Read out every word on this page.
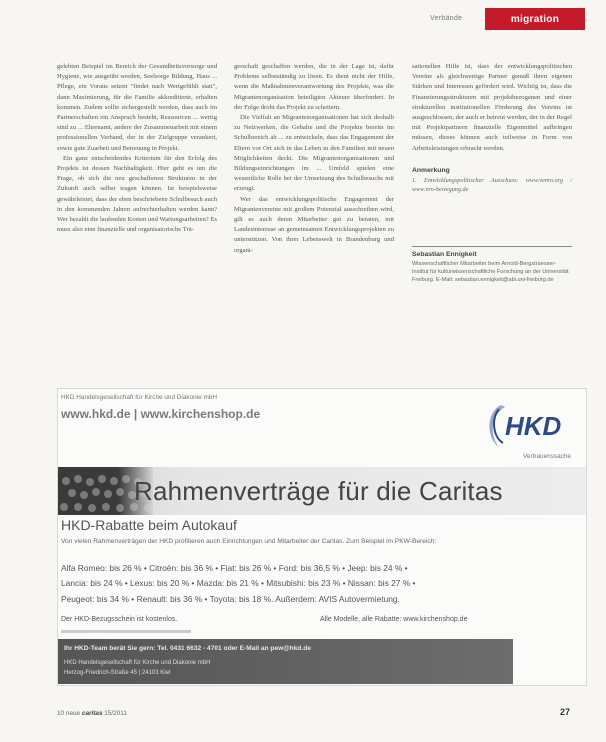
Verbände	migration

gelebten Beispiel im Bereich der Gesundheitsvorsorge und Hygiene, wie ausgeübt werden, Seelsorge Bildung, Haus ... Pflege, ein Voraus setzen "findet nach Wertgefühlt statt", dann Maximierung, für die Familie akkreditierte, erhalten kommen. Zudem sollte sichergestellt werden, dass auch im Partnerschaften ein Anspruch besteht, Ressourcen ... wertig sind zu ... Ehrenamt, andere der Zusammenarbeit mit einem professionellen Verband, der in der Zielgruppe verankert, sowie gute Zuarbeit und Betreuung in Projekt.

Ein ganz entscheidendes Kriterium für den Erfolg des Projekts ist dessen Nachhaltigkeit. Hier geht es um die Frage, ob sich die neu geschaffenen Strukturen in der Zukunft auch selbst tragen können. Ist beispielsweise gewährleistet, dass der eben beschriebene Schulbesuch auch in den kommenden Jahren aufrechterhalten werden kann? Wer bezahlt die laufenden Kosten und Wartungsarbeiten? Es muss also eine finanzielle und organisatorische Trä-

gerschaft geschaffen werden, die in der Lage ist, dafür Probleme selbstständig zu lösen. Es dient nicht der Hilfe, wenn die Maßnahmenverantwortung des Projekts, was die Migrantenorganisation beteiligten Akteure überfordert. In der Folge droht das Projekt zu scheitern.

Die Vielfalt an Migrantenorganisationen hat sich deshalb zu Netzwerken, die Gehalte und die Projekte bereits im Schulbereich ab ... zu entwickeln, dass das Engagement der Eltern vor Ort sich in das Leben in den Familien mit neuen Möglichkeiten deckt. Die Migrantenorganisationen und Bildungseinrichtungen im ... Umfeld spielen eine wesentliche Rolle bei der Umsetzung des Schulbesuchs mit erzeugt.

Wer das entwicklungspolitische Engagement der Migrantenvereine mit großem Potenzial ausschreiben wird, gilt es auch deren Mitarbeiter gut zu beraten, mit Landesinteresse an gemeinsamen Entwicklungsprojekten zu unterstützen. Von ihrer Lebenswelt in Brandenburg und organi-

sationellen Hilfe ist, dass der entwicklungspolitischen Vereine als gleichwertige Partner gemäß ihren eigenen Stärken und Interessen gefördert wird. Wichtig ist, dass die Finanzierungsstrukturen mit projektbezogenen und einer strukturellen institutionellen Förderung des Vereins ist ausgeschlossen, der auch er betreut werden, der in der Regel mit Projektpartnern finanzielle Eigenmittel aufbringen müssen, dieses können auch teilweise in Form von Arbeitsleistungen erbracht werden.

Anmerkung
1. Entwicklungspolitischer Ausschuss: www.venro.org / www.nro-bewegung.de
Sebastian Ennigkeit
Wissenschaftlicher Mitarbeiter beim Arnold-Bergstraesser-Institut für kulturwissenschaftliche Forschung an der Universität Freiburg. E-Mail: sebastian.ennigkeit@abi.uni-freiburg.de
HKD Handelsgesellschaft für Kirche und Diakonie mbH
www.hkd.de | www.kirchenshop.de	HKD
Vertrauenssache
Rahmenverträge für die Caritas
HKD-Rabatte beim Autokauf
Von vielen Rahmenverträgen der HKD profitieren auch Einrichtungen und Mitarbeiter der Caritas. Zum Beispiel im PKW-Bereich:
Alfa Romeo: bis 26 % • Citroën: bis 36 % • Fiat: bis 26 % • Ford: bis 36,5 % • Jeep: bis 24 % •
Lancia: bis 24 % • Lexus: bis 20 % • Mazda: bis 21 % • Mitsubishi: bis 23 % • Nissan: bis 27 % •
Peugeot: bis 34 % • Renault: bis 36 % • Toyota: bis 18 %. Außerdem: AVIS Autovermietung.
Der HKD-Bezugsschein ist kostenlos.	Alle Modelle, alle Rabatte: www.kirchenshop.de
Ihr HKD-Team berät Sie gern: Tel. 0431 6632 - 4701 oder E-Mail an pew@hkd.de
HKD Handelsgesellschaft für Kirche und Diakonie mbH
Herzog-Friedrich-Straße 45 | 24103 Kiel
10 neue caritas 15/2011	27
